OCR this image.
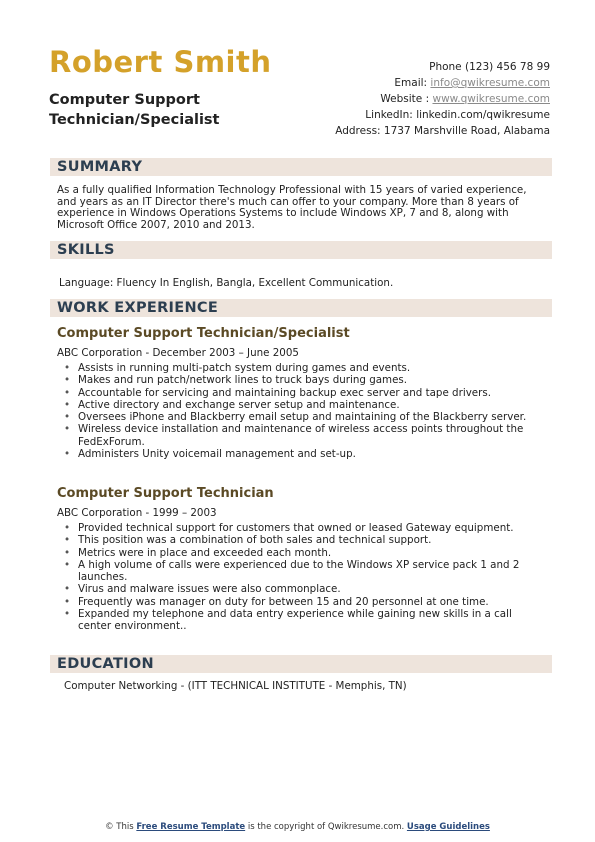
Robert Smith
Computer Support Technician/Specialist
Phone (123) 456 78 99
Email: info@qwikresume.com
Website : www.qwikresume.com
LinkedIn: linkedin.com/qwikresume
Address: 1737 Marshville Road, Alabama
SUMMARY
As a fully qualified Information Technology Professional with 15 years of varied experience, and years as an IT Director there's much can offer to your company. More than 8 years of experience in Windows Operations Systems to include Windows XP, 7 and 8, along with Microsoft Office 2007, 2010 and 2013.
SKILLS
Language: Fluency In English, Bangla, Excellent Communication.
WORK EXPERIENCE
Computer Support Technician/Specialist
ABC Corporation - December 2003 – June 2005
• Assists in running multi-patch system during games and events.
• Makes and run patch/network lines to truck bays during games.
• Accountable for servicing and maintaining backup exec server and tape drivers.
• Active directory and exchange server setup and maintenance.
• Oversees iPhone and Blackberry email setup and maintaining of the Blackberry server.
• Wireless device installation and maintenance of wireless access points throughout the FedExForum.
• Administers Unity voicemail management and set-up.
Computer Support Technician
ABC Corporation - 1999 – 2003
• Provided technical support for customers that owned or leased Gateway equipment.
• This position was a combination of both sales and technical support.
• Metrics were in place and exceeded each month.
• A high volume of calls were experienced due to the Windows XP service pack 1 and 2 launches.
• Virus and malware issues were also commonplace.
• Frequently was manager on duty for between 15 and 20 personnel at one time.
• Expanded my telephone and data entry experience while gaining new skills in a call center environment..
EDUCATION
Computer Networking - (ITT TECHNICAL INSTITUTE - Memphis, TN)
© This Free Resume Template is the copyright of Qwikresume.com. Usage Guidelines
